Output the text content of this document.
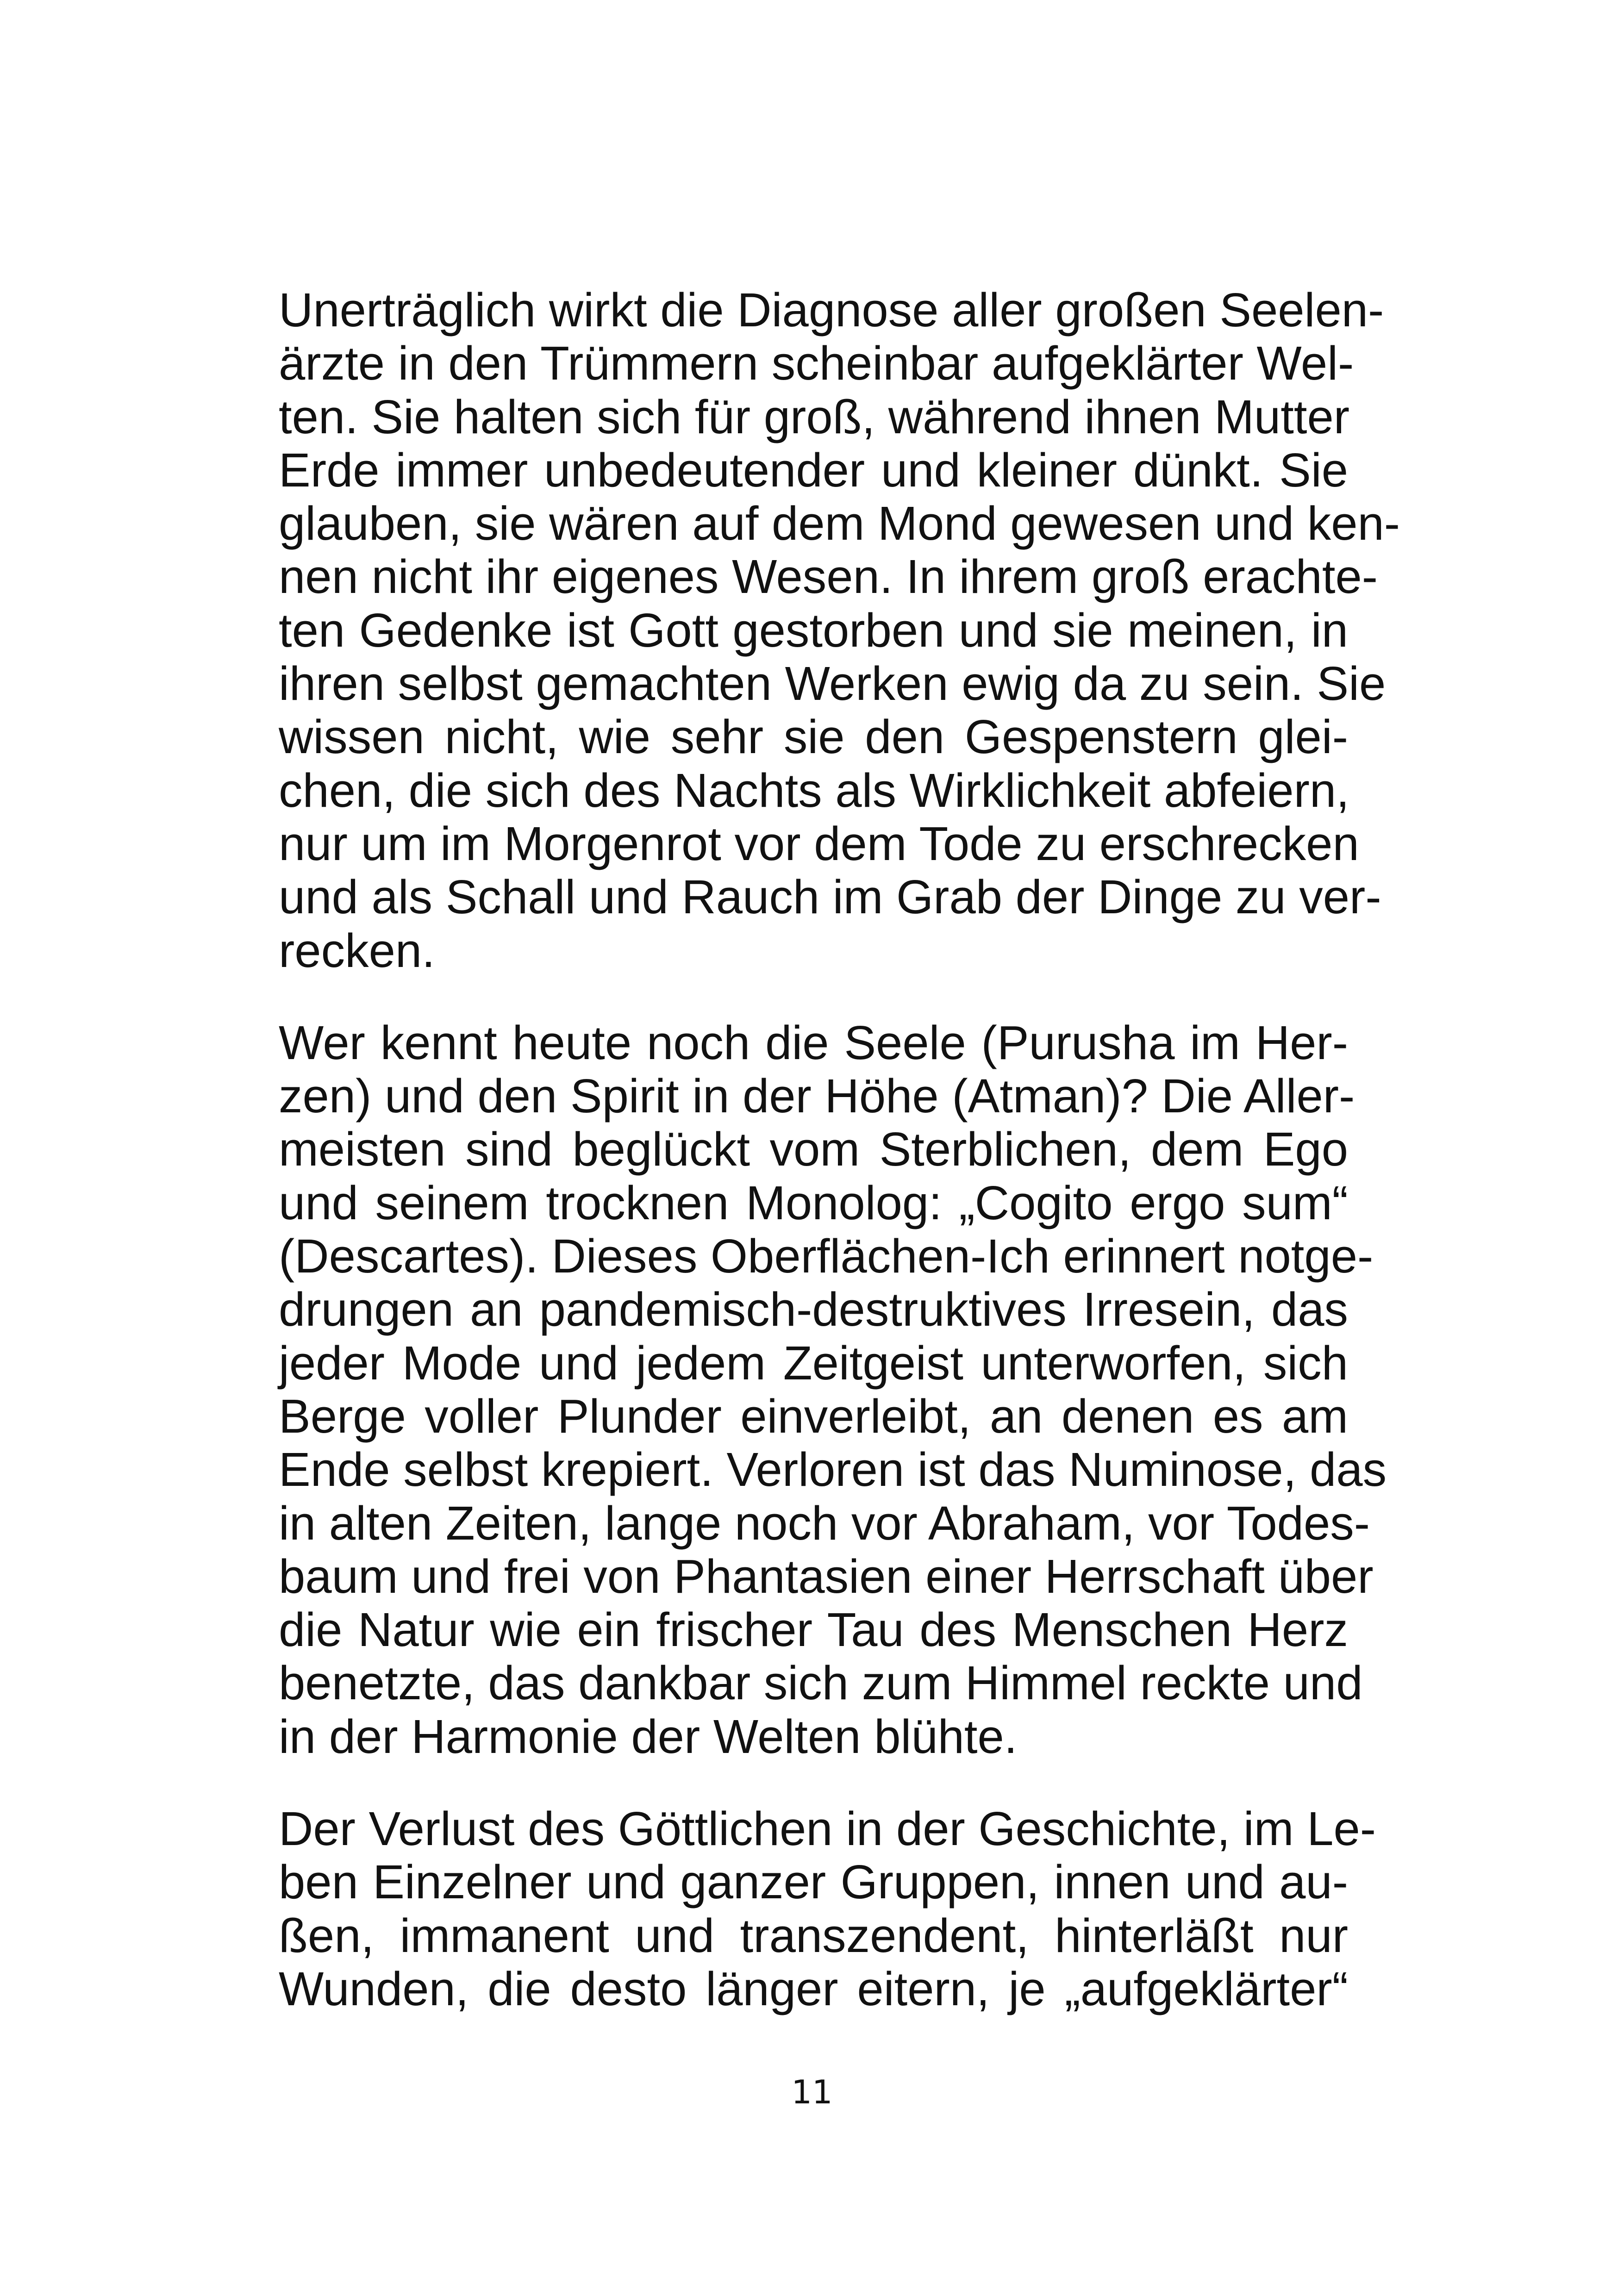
Unerträglich wirkt die Diagnose aller großen Seelen-
ärzte in den Trümmern scheinbar aufgeklärter Wel-
ten. Sie halten sich für groß, während ihnen Mutter
Erde immer unbedeutender und kleiner dünkt. Sie
glauben, sie wären auf dem Mond gewesen und ken-
nen nicht ihr eigenes Wesen. In ihrem groß erachte-
ten Gedenke ist Gott gestorben und sie meinen, in
ihren selbst gemachten Werken ewig da zu sein. Sie
wissen nicht, wie sehr sie den Gespenstern glei-
chen, die sich des Nachts als Wirklichkeit abfeiern,
nur um im Morgenrot vor dem Tode zu erschrecken
und als Schall und Rauch im Grab der Dinge zu ver-
recken.

Wer kennt heute noch die Seele (Purusha im Her-
zen) und den Spirit in der Höhe (Atman)? Die Aller-
meisten sind beglückt vom Sterblichen, dem Ego
und seinem trocknen Monolog: „Cogito ergo sum“
(Descartes). Dieses Oberflächen-Ich erinnert notge-
drungen an pandemisch-destruktives Irresein, das
jeder Mode und jedem Zeitgeist unterworfen, sich
Berge voller Plunder einverleibt, an denen es am
Ende selbst krepiert. Verloren ist das Numinose, das
in alten Zeiten, lange noch vor Abraham, vor Todes-
baum und frei von Phantasien einer Herrschaft über
die Natur wie ein frischer Tau des Menschen Herz
benetzte, das dankbar sich zum Himmel reckte und
in der Harmonie der Welten blühte.

Der Verlust des Göttlichen in der Geschichte, im Le-
ben Einzelner und ganzer Gruppen, innen und au-
ßen, immanent und transzendent, hinterläßt nur
Wunden, die desto länger eitern, je „aufgeklärter“

11
